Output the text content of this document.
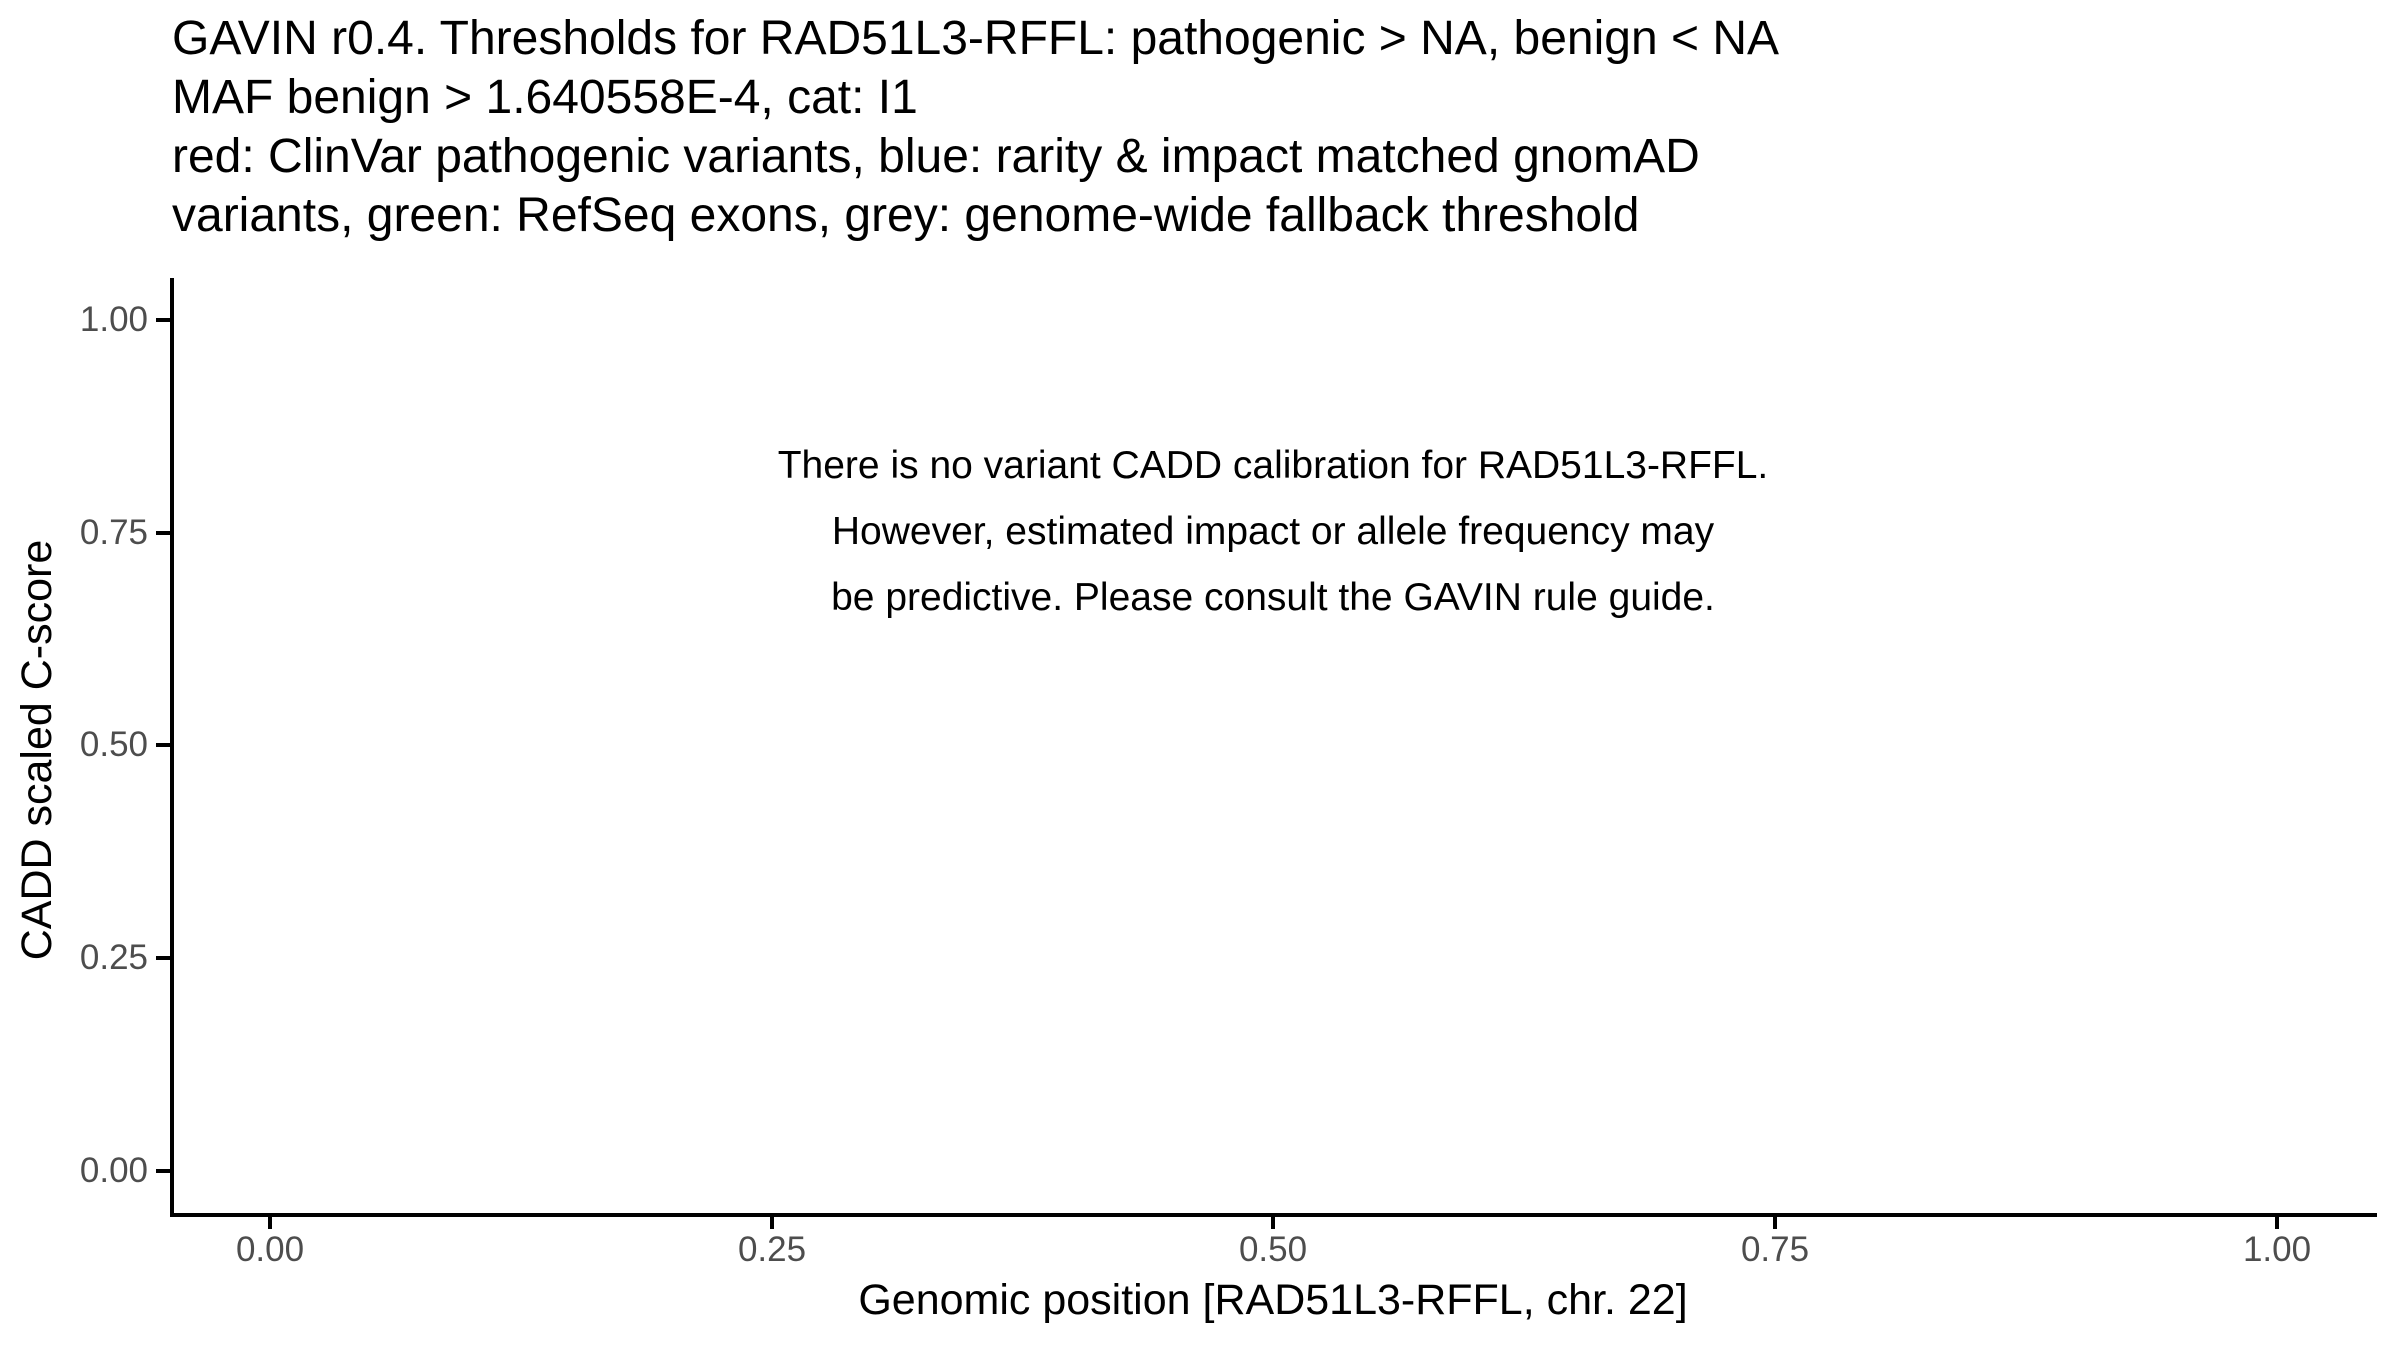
GAVIN r0.4. Thresholds for RAD51L3-RFFL: pathogenic > NA, benign < NA
MAF benign > 1.640558E-4, cat: I1
red: ClinVar pathogenic variants, blue: rarity & impact matched gnomAD
variants, green: RefSeq exons, grey: genome-wide fallback threshold
There is no variant CADD calibration for RAD51L3-RFFL.
However, estimated impact or allele frequency may
be predictive. Please consult the GAVIN rule guide.
1.00
0.75
0.50
0.25
0.00
0.00	0.25	0.50	0.75	1.00
CADD scaled C-score
Genomic position [RAD51L3-RFFL, chr. 22]
